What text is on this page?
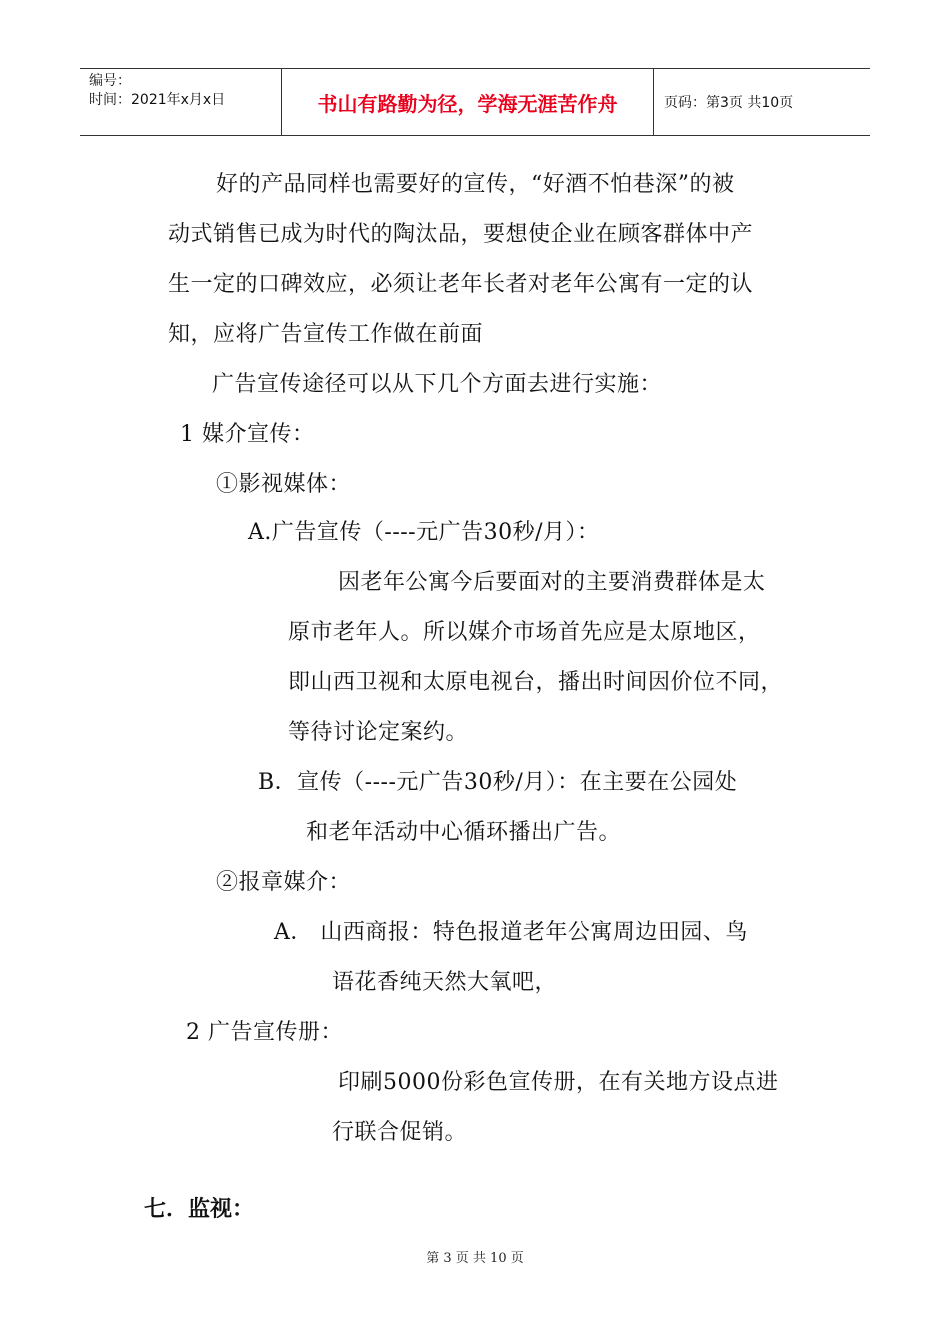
编号：
时间：2021年x月x日	书山有路勤为径，学海无涯苦作舟	页码：第3页 共10页
好的产品同样也需要好的宣传，“好酒不怕巷深”的被
动式销售已成为时代的陶汰品，要想使企业在顾客群体中产
生一定的口碑效应，必须让老年长者对老年公寓有一定的认
知，应将广告宣传工作做在前面
广告宣传途径可以从下几个方面去进行实施：
1 媒介宣传：
①影视媒体：
A.广告宣传（----元广告30秒/月）：
因老年公寓今后要面对的主要消费群体是太
原市老年人。所以媒介市场首先应是太原地区，
即山西卫视和太原电视台，播出时间因价位不同，
等待讨论定案约。
B．宣传（----元广告30秒/月）：在主要在公园处
和老年活动中心循环播出广告。
②报章媒介：
A． 山西商报：特色报道老年公寓周边田园、鸟
语花香纯天然大氧吧，
2 广告宣传册：
印刷5000份彩色宣传册，在有关地方设点进
行联合促销。
七．监视：
第 3 页 共 10 页
